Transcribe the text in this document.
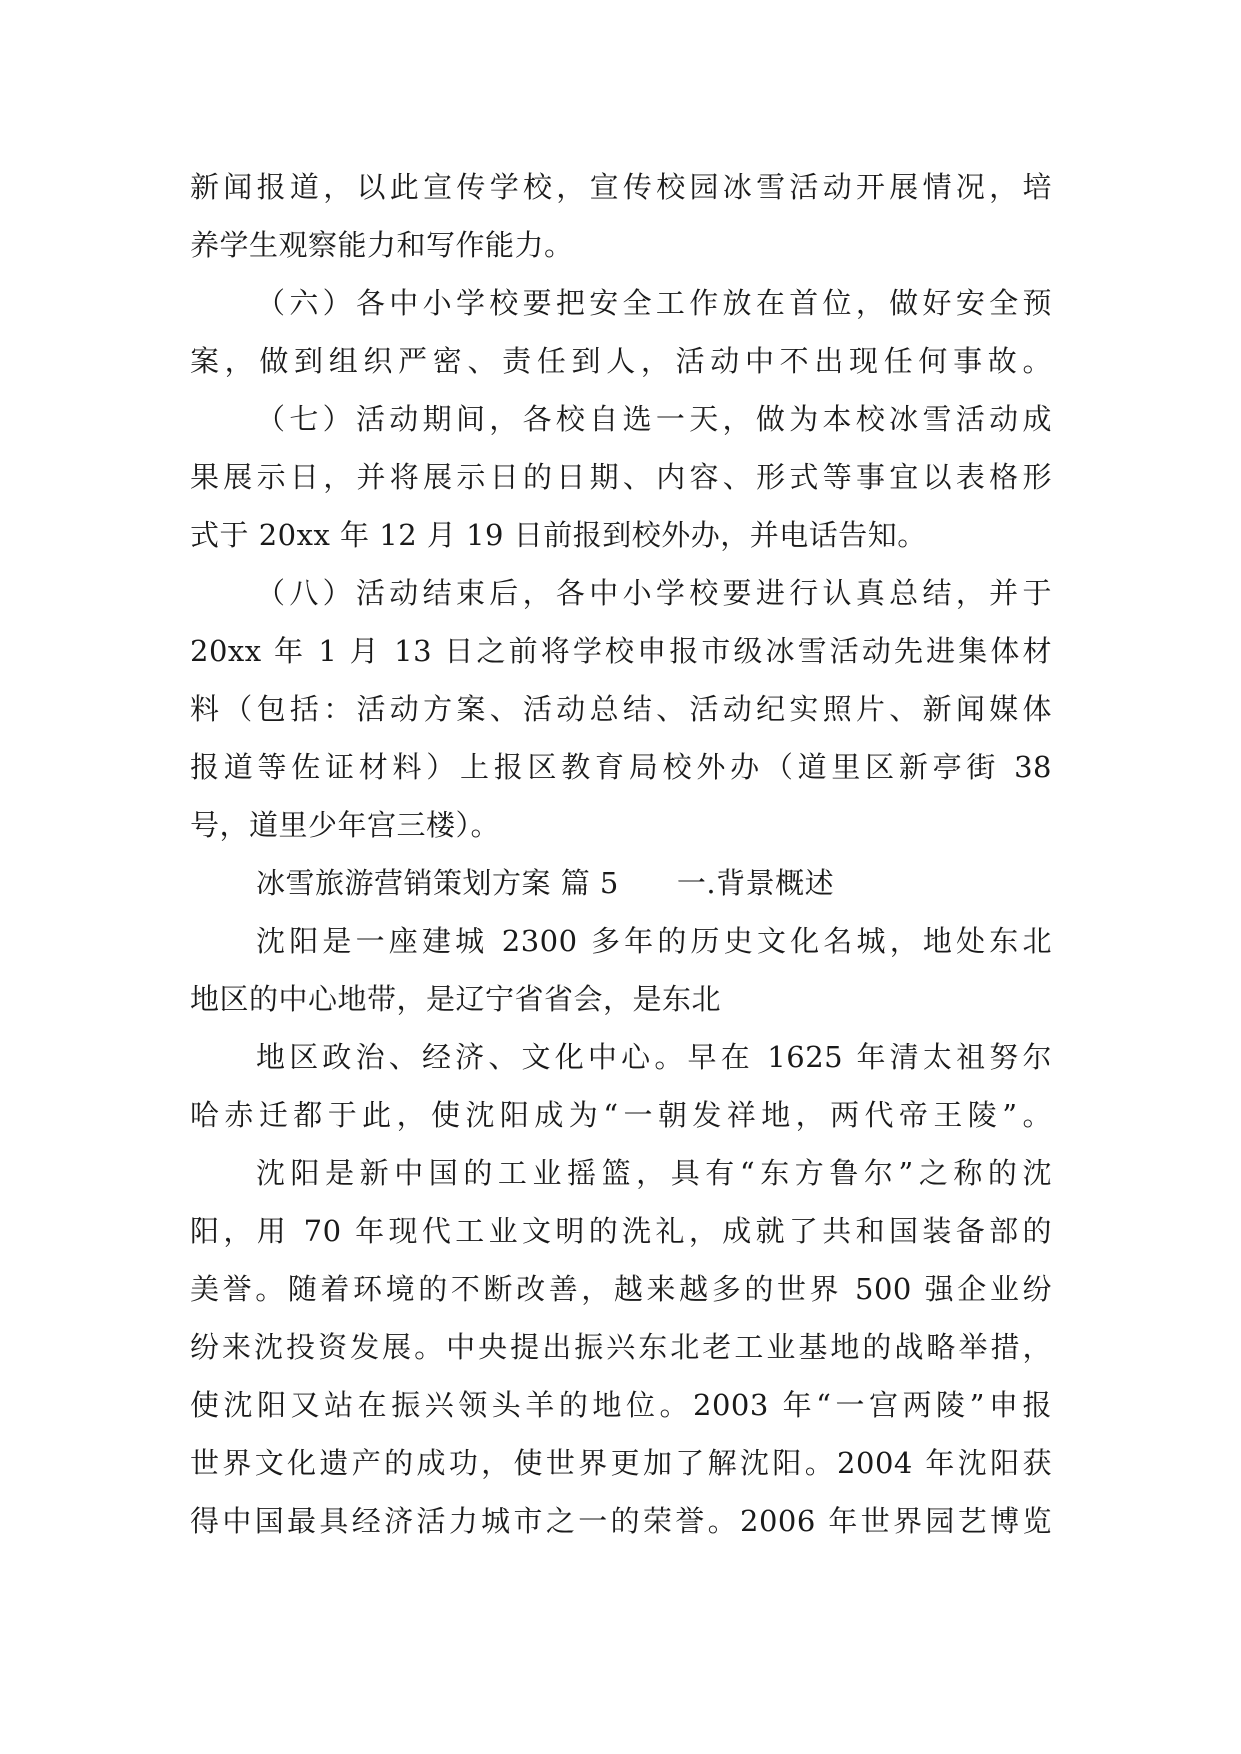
新闻报道，以此宣传学校，宣传校园冰雪活动开展情况，培
养学生观察能力和写作能力。
（六）各中小学校要把安全工作放在首位，做好安全预
案，做到组织严密、责任到人，活动中不出现任何事故。
（七）活动期间，各校自选一天，做为本校冰雪活动成
果展示日，并将展示日的日期、内容、形式等事宜以表格形
式于 20xx 年 12 月 19 日前报到校外办，并电话告知。
（八）活动结束后，各中小学校要进行认真总结，并于
20xx 年 1 月 13 日之前将学校申报市级冰雪活动先进集体材
料（包括：活动方案、活动总结、活动纪实照片、新闻媒体
报道等佐证材料）上报区教育局校外办（道里区新亭街 38
号，道里少年宫三楼）。
冰雪旅游营销策划方案 篇 5 一.背景概述
沈阳是一座建城 2300 多年的历史文化名城，地处东北
地区的中心地带，是辽宁省省会，是东北
地区政治、经济、文化中心。早在 1625 年清太祖努尔
哈赤迁都于此，使沈阳成为“一朝发祥地，两代帝王陵”。
沈阳是新中国的工业摇篮，具有“东方鲁尔”之称的沈
阳，用 70 年现代工业文明的洗礼，成就了共和国装备部的
美誉。随着环境的不断改善，越来越多的世界 500 强企业纷
纷来沈投资发展。中央提出振兴东北老工业基地的战略举措，
使沈阳又站在振兴领头羊的地位。2003 年“一宫两陵”申报
世界文化遗产的成功，使世界更加了解沈阳。2004 年沈阳获
得中国最具经济活力城市之一的荣誉。2006 年世界园艺博览
